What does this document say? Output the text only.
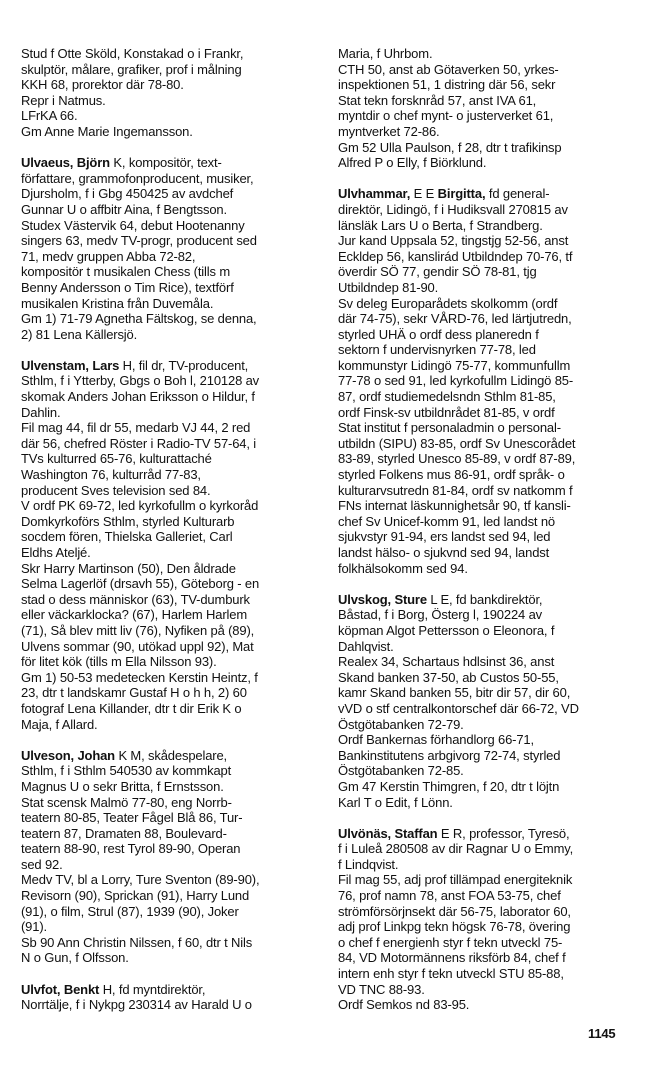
Stud f Otte Sköld, Konstakad o i Frankr,
skulptör, målare, grafiker, prof i målning
KKH 68, prorektor där 78-80.
Repr i Natmus.
LFrKA 66.
Gm Anne Marie Ingemansson.
Ulvaeus, Björn K, kompositör, text-
författare, grammofonproducent, musiker,
Djursholm, f i Gbg 450425 av avdchef
Gunnar U o affbitr Aina, f Bengtsson.
Studex Västervik 64, debut Hootenanny
singers 63, medv TV-progr, producent sed
71, medv gruppen Abba 72-82,
kompositör t musikalen Chess (tills m
Benny Andersson o Tim Rice), textförf
musikalen Kristina från Duvemåla.
Gm 1) 71-79 Agnetha Fältskog, se denna,
2) 81 Lena Källersjö.
Ulvenstam, Lars H, fil dr, TV-producent,
Sthlm, f i Ytterby, Gbgs o Boh l, 210128 av
skomak Anders Johan Eriksson o Hildur, f
Dahlin.
Fil mag 44, fil dr 55, medarb VJ 44, 2 red
där 56, chefred Röster i Radio-TV 57-64, i
TVs kulturred 65-76, kulturattaché
Washington 76, kulturråd 77-83,
producent Sves television sed 84.
V ordf PK 69-72, led kyrkofullm o kyrkoråd
Domkyrkoförs Sthlm, styrled Kulturarb
socdem fören, Thielska Galleriet, Carl
Eldhs Ateljé.
Skr Harry Martinson (50), Den åldrade
Selma Lagerlöf (drsavh 55), Göteborg - en
stad o dess människor (63), TV-dumburk
eller väckarklocka? (67), Harlem Harlem
(71), Så blev mitt liv (76), Nyfiken på (89),
Ulvens sommar (90, utökad uppl 92), Mat
för litet kök (tills m Ella Nilsson 93).
Gm 1) 50-53 medetecken Kerstin Heintz, f
23, dtr t landskamr Gustaf H o h h, 2) 60
fotograf Lena Killander, dtr t dir Erik K o
Maja, f Allard.
Ulveson, Johan K M, skådespelare,
Sthlm, f i Sthlm 540530 av kommkapt
Magnus U o sekr Britta, f Ernstsson.
Stat scensk Malmö 77-80, eng Norrb-
teatern 80-85, Teater Fågel Blå 86, Tur-
teatern 87, Dramaten 88, Boulevard-
teatern 88-90, rest Tyrol 89-90, Operan
sed 92.
Medv TV, bl a Lorry, Ture Sventon (89-90),
Revisorn (90), Sprickan (91), Harry Lund
(91), o film, Strul (87), 1939 (90), Joker
(91).
Sb 90 Ann Christin Nilssen, f 60, dtr t Nils
N o Gun, f Olfsson.
Ulvfot, Benkt H, fd myntdirektör,
Norrtälje, f i Nykpg 230314 av Harald U o
Maria, f Uhrbom.
CTH 50, anst ab Götaverken 50, yrkes-
inspektionen 51, 1 distring där 56, sekr
Stat tekn forsknråd 57, anst IVA 61,
myntdir o chef mynt- o justerverket 61,
myntverket 72-86.
Gm 52 Ulla Paulson, f 28, dtr t trafikinsp
Alfred P o Elly, f Biörklund.
Ulvhammar, E E Birgitta, fd general-
direktör, Lidingö, f i Hudiksvall 270815 av
länsläk Lars U o Berta, f Strandberg.
Jur kand Uppsala 52, tingstjg 52-56, anst
Eckldep 56, kanslirád Utbildndep 70-76, tf
överdir SÖ 77, gendir SÖ 78-81, tjg
Utbildndep 81-90.
Sv deleg Europarådets skolkomm (ordf
där 74-75), sekr VÅRD-76, led lärtjutredn,
styrled UHÄ o ordf dess planeredn f
sektorn f undervisnyrken 77-78, led
kommunstyr Lidingö 75-77, kommunfullm
77-78 o sed 91, led kyrkofullm Lidingö 85-
87, ordf studiemedelsndn Sthlm 81-85,
ordf Finsk-sv utbildnrådet 81-85, v ordf
Stat institut f personaladmin o personal-
utbildn (SIPU) 83-85, ordf Sv Unescorådet
83-89, styrled Unesco 85-89, v ordf 87-89,
styrled Folkens mus 86-91, ordf språk- o
kulturarvsutredn 81-84, ordf sv natkomm f
FNs internat läskunnighetsår 90, tf kansli-
chef Sv Unicef-komm 91, led landst nö
sjukvstyr 91-94, ers landst sed 94, led
landst hälso- o sjukvnd sed 94, landst
folkhälsokomm sed 94.
Ulvskog, Sture L E, fd bankdirektör,
Båstad, f i Borg, Österg l, 190224 av
köpman Algot Pettersson o Eleonora, f
Dahlqvist.
Realex 34, Schartaus hdlsinst 36, anst
Skand banken 37-50, ab Custos 50-55,
kamr Skand banken 55, bitr dir 57, dir 60,
vVD o stf centralkontorschef där 66-72, VD
Östgötabanken 72-79.
Ordf Bankernas förhandlorg 66-71,
Bankinstitutens arbgivorg 72-74, styrled
Östgötabanken 72-85.
Gm 47 Kerstin Thimgren, f 20, dtr t löjtn
Karl T o Edit, f Lönn.
Ulvönäs, Staffan E R, professor, Tyresö,
f i Luleå 280508 av dir Ragnar U o Emmy,
f Lindqvist.
Fil mag 55, adj prof tillämpad energiteknik
76, prof namn 78, anst FOA 53-75, chef
strömförsörjnsekt där 56-75, laborator 60,
adj prof Linkpg tekn högsk 76-78, övering
o chef f energienh styr f tekn utveckl 75-
84, VD Motormännens riksförb 84, chef f
intern enh styr f tekn utveckl STU 85-88,
VD TNC 88-93.
Ordf Semkos nd 83-95.
1145
